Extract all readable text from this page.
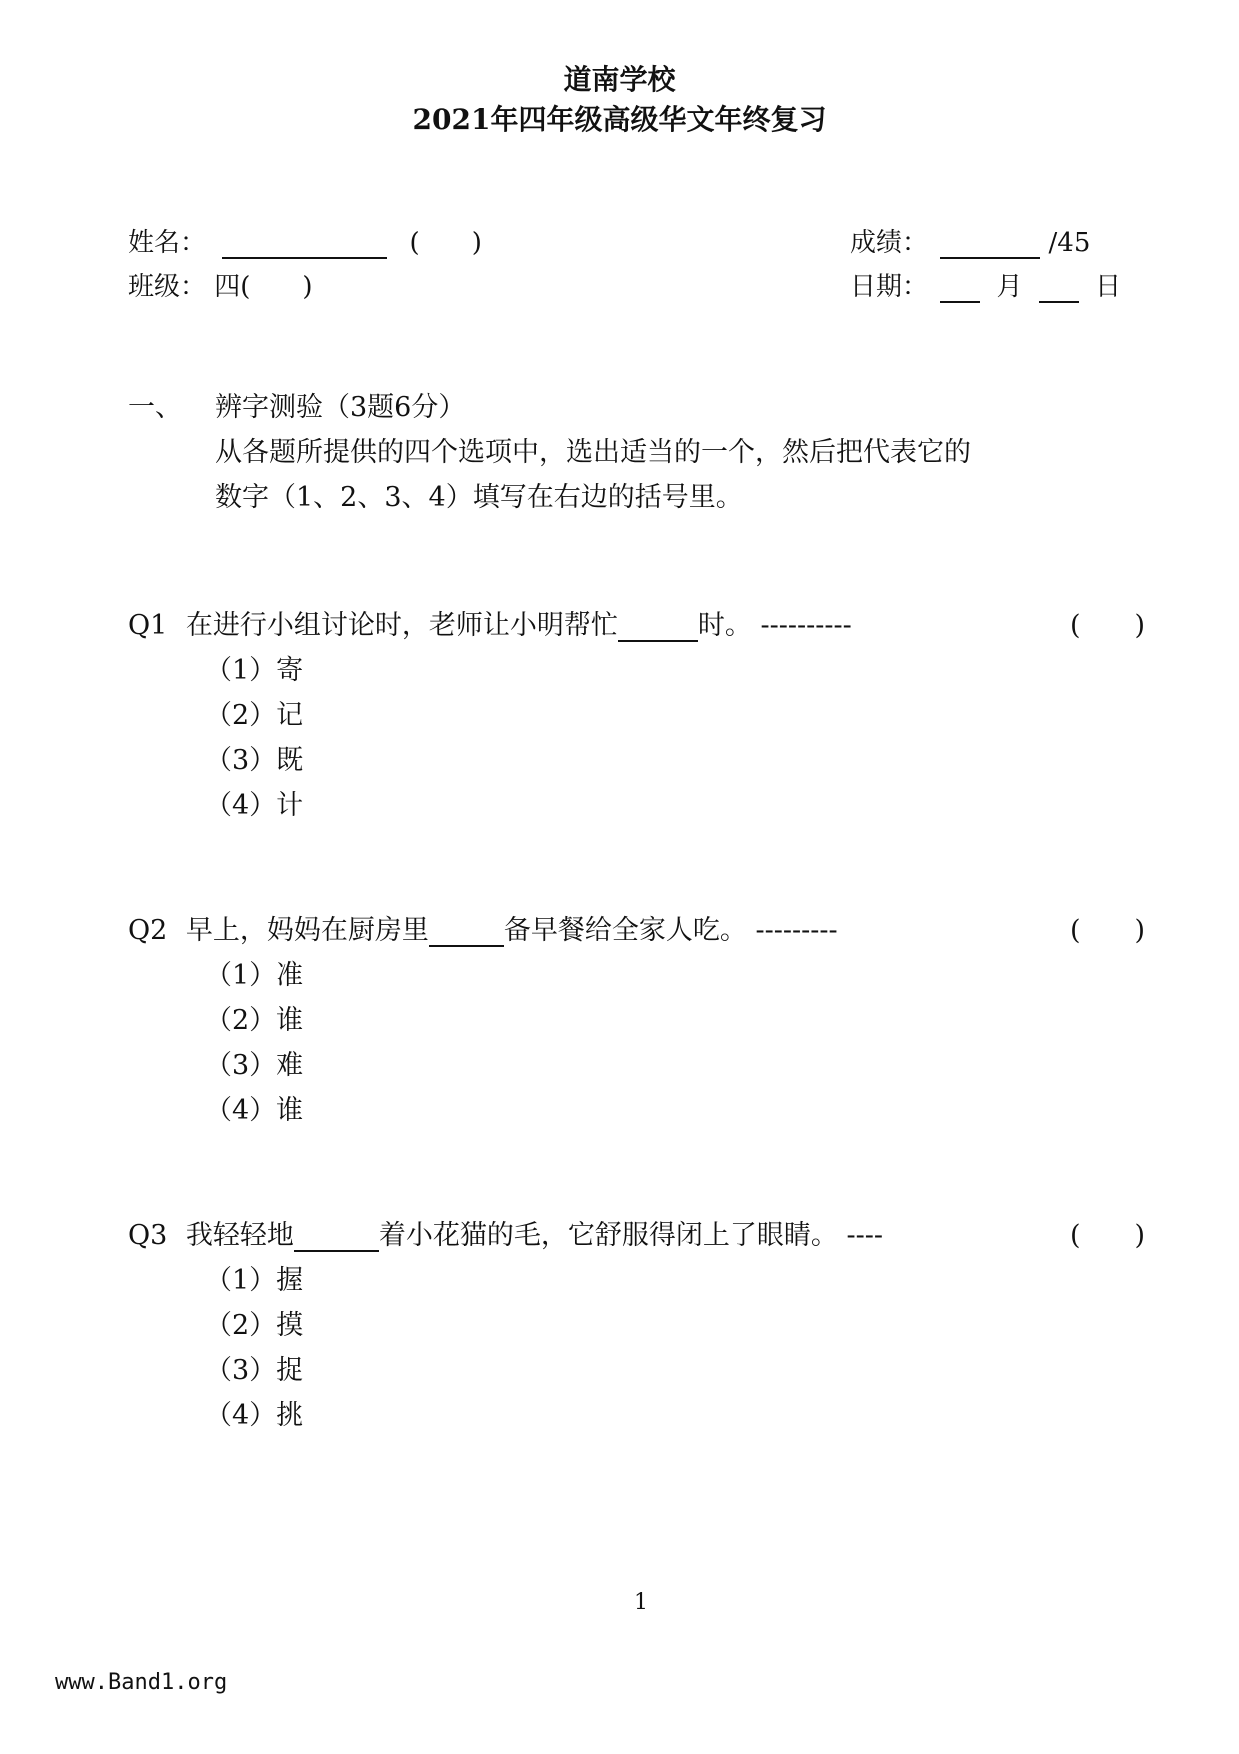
道南学校
2021年四年级高级华文年终复习
姓名：	(　　)
班级： 四(　　)
成绩：	/45
日期：	月	日
一、 辨字测验（3题6分）
从各题所提供的四个选项中，选出适当的一个，然后把代表它的
数字（1、2、3、4）填写在右边的括号里。
Q1 在进行小组讨论时，老师让小明帮忙	时。 ----------	(　　)
（1）寄
（2）记
（3）既
（4）计
Q2 早上，妈妈在厨房里	备早餐给全家人吃。 ---------	(　　)
（1）准
（2）谁
（3）难
（4）谁
Q3 我轻轻地	着小花猫的毛，它舒服得闭上了眼睛。 ----	(　　)
（1）握
（2）摸
（3）捉
（4）挑
1
www.Band1.org
